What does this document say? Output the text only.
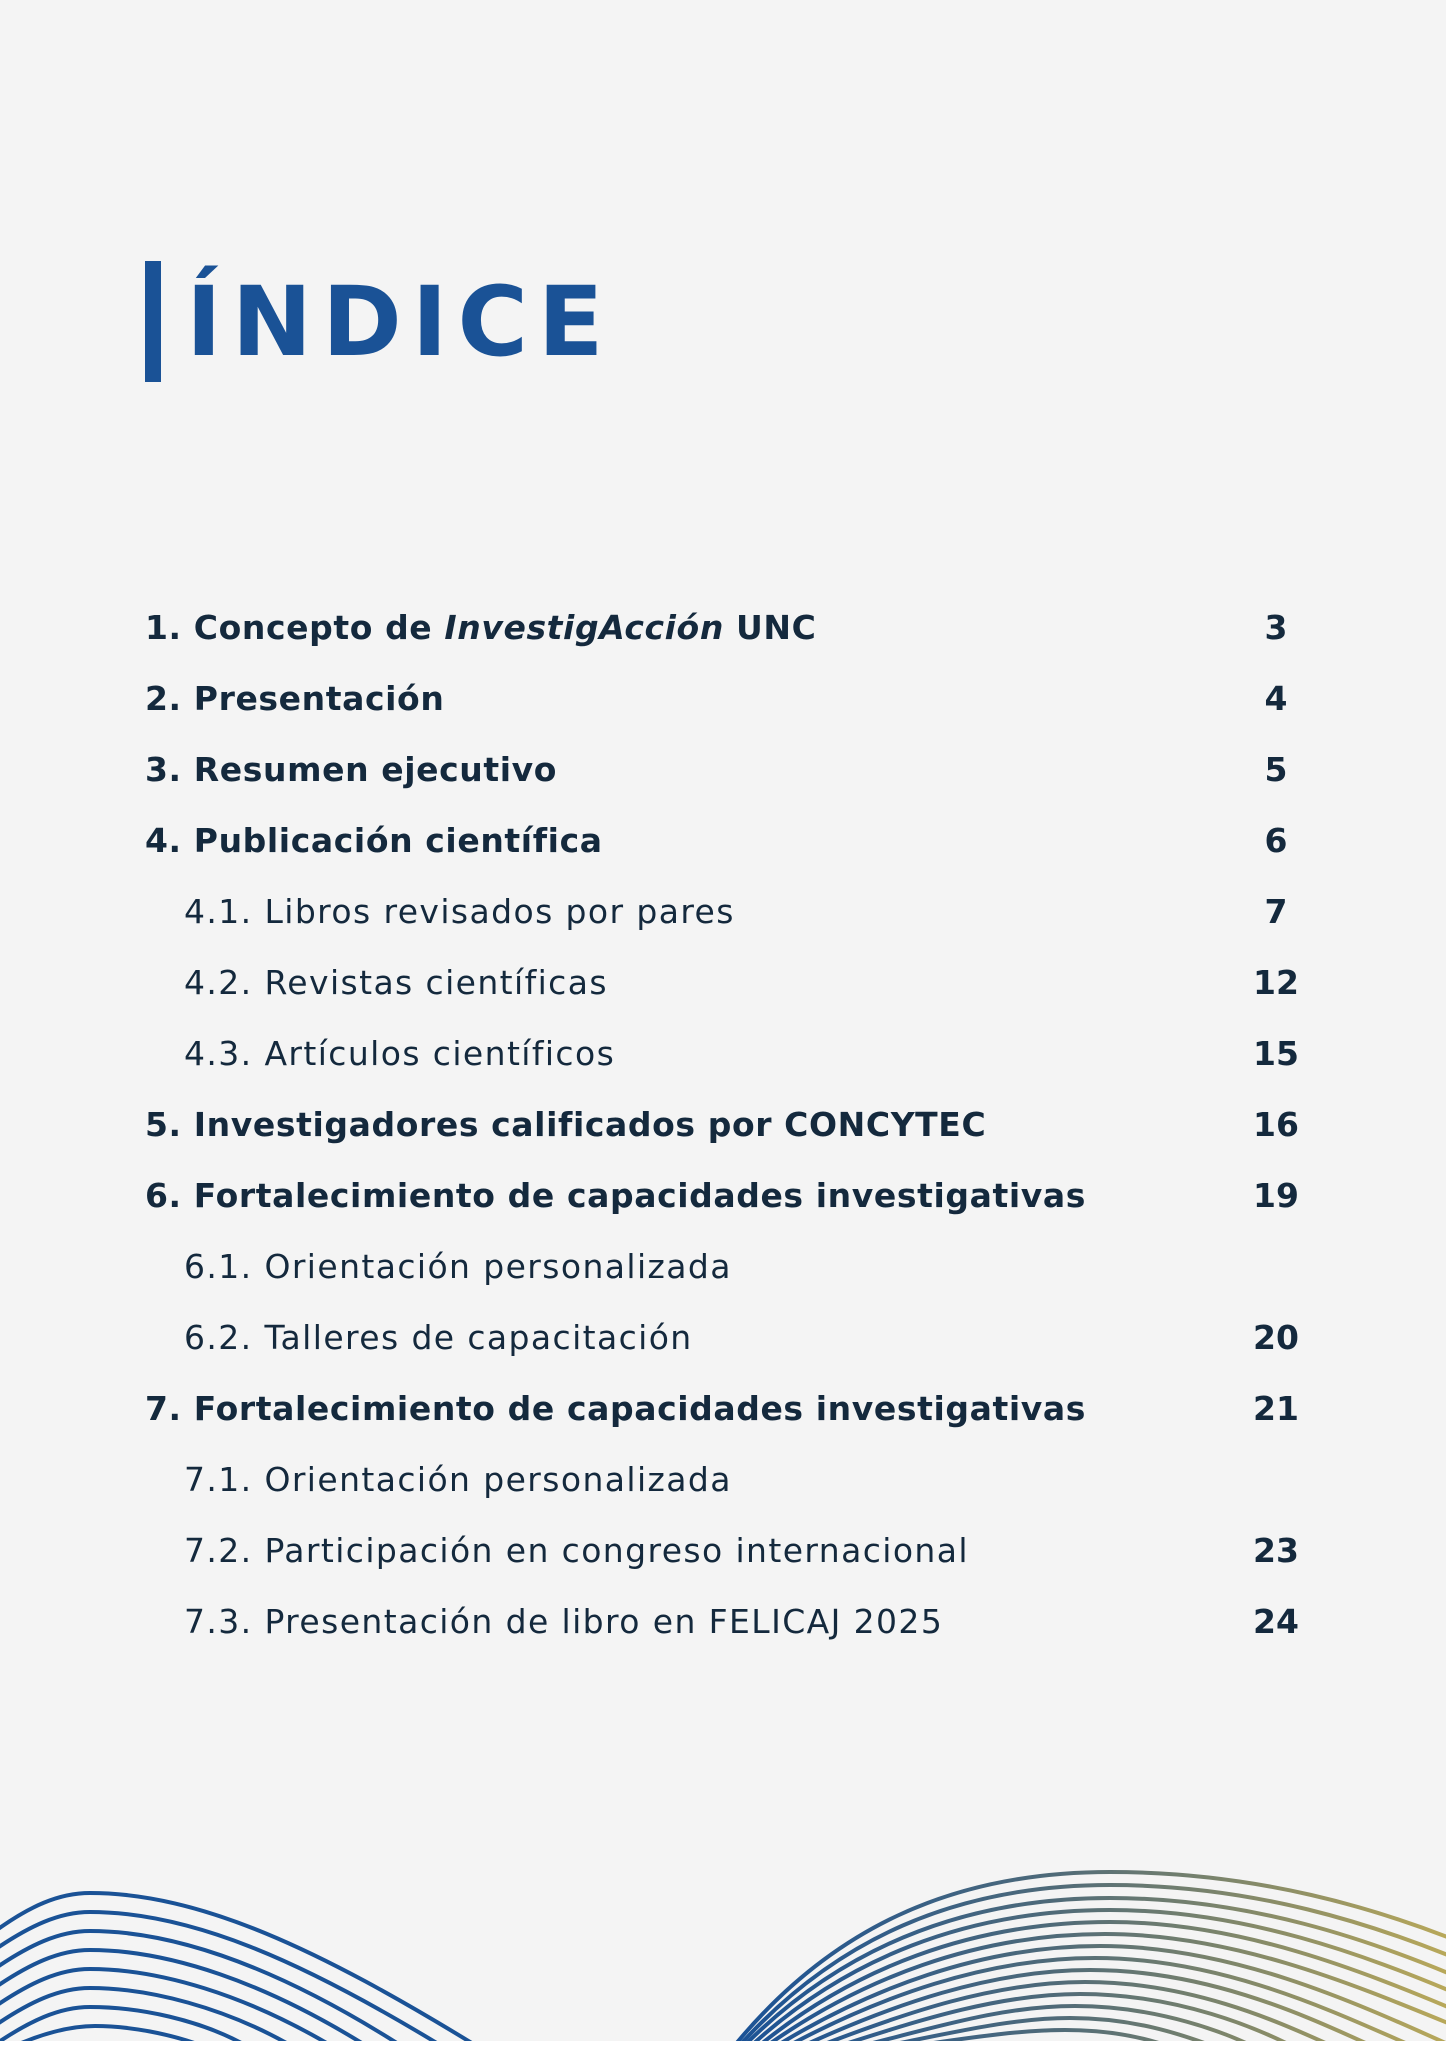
ÍNDICE
1. Concepto de InvestigAcción UNC	3
2. Presentación	4
3. Resumen ejecutivo	5
4. Publicación científica	6
4.1. Libros revisados por pares	7
4.2. Revistas científicas	12
4.3. Artículos científicos	15
5. Investigadores calificados por CONCYTEC	16
6. Fortalecimiento de capacidades investigativas	19
6.1. Orientación personalizada
6.2. Talleres de capacitación	20
7. Fortalecimiento de capacidades investigativas	21
7.1. Orientación personalizada
7.2. Participación en congreso internacional	23
7.3. Presentación de libro en FELICAJ 2025	24
